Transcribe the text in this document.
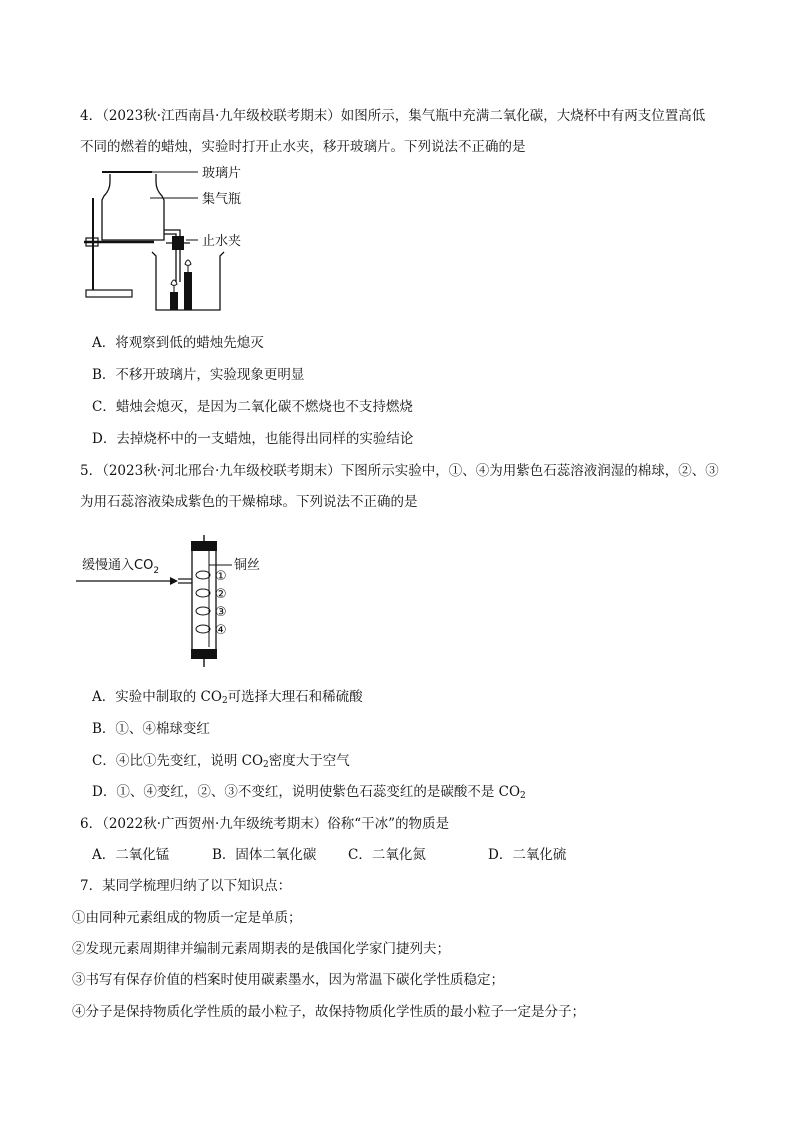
4．（2023秋·江西南昌·九年级校联考期末）如图所示，集气瓶中充满二氧化碳，大烧杯中有两支位置高低
不同的燃着的蜡烛，实验时打开止水夹，移开玻璃片。下列说法不正确的是
玻璃片
集气瓶
止水夹
A．将观察到低的蜡烛先熄灭
B．不移开玻璃片，实验现象更明显
C．蜡烛会熄灭，是因为二氧化碳不燃烧也不支持燃烧
D．去掉烧杯中的一支蜡烛，也能得出同样的实验结论
5．（2023秋·河北邢台·九年级校联考期末）下图所示实验中，①、④为用紫色石蕊溶液润湿的棉球，②、③
为用石蕊溶液染成紫色的干燥棉球。下列说法不正确的是
缓慢通入$CO_2$	铜丝
①
②
③
④
A．实验中制取的 $CO_2$可选择大理石和稀硫酸
B．①、④棉球变红
C．④比①先变红，说明 $CO_2$密度大于空气
D．①、④变红，②、③不变红，说明使紫色石蕊变红的是碳酸不是 $CO_2$
6．（2022秋·广西贺州·九年级统考期末）俗称“干冰”的物质是
A．二氧化锰	B．固体二氧化碳 C．二氧化氮	D．二氧化硫
7．某同学梳理归纳了以下知识点：
①由同种元素组成的物质一定是单质；
②发现元素周期律并编制元素周期表的是俄国化学家门捷列夫；
③书写有保存价值的档案时使用碳素墨水，因为常温下碳化学性质稳定；
④分子是保持物质化学性质的最小粒子，故保持物质化学性质的最小粒子一定是分子；
